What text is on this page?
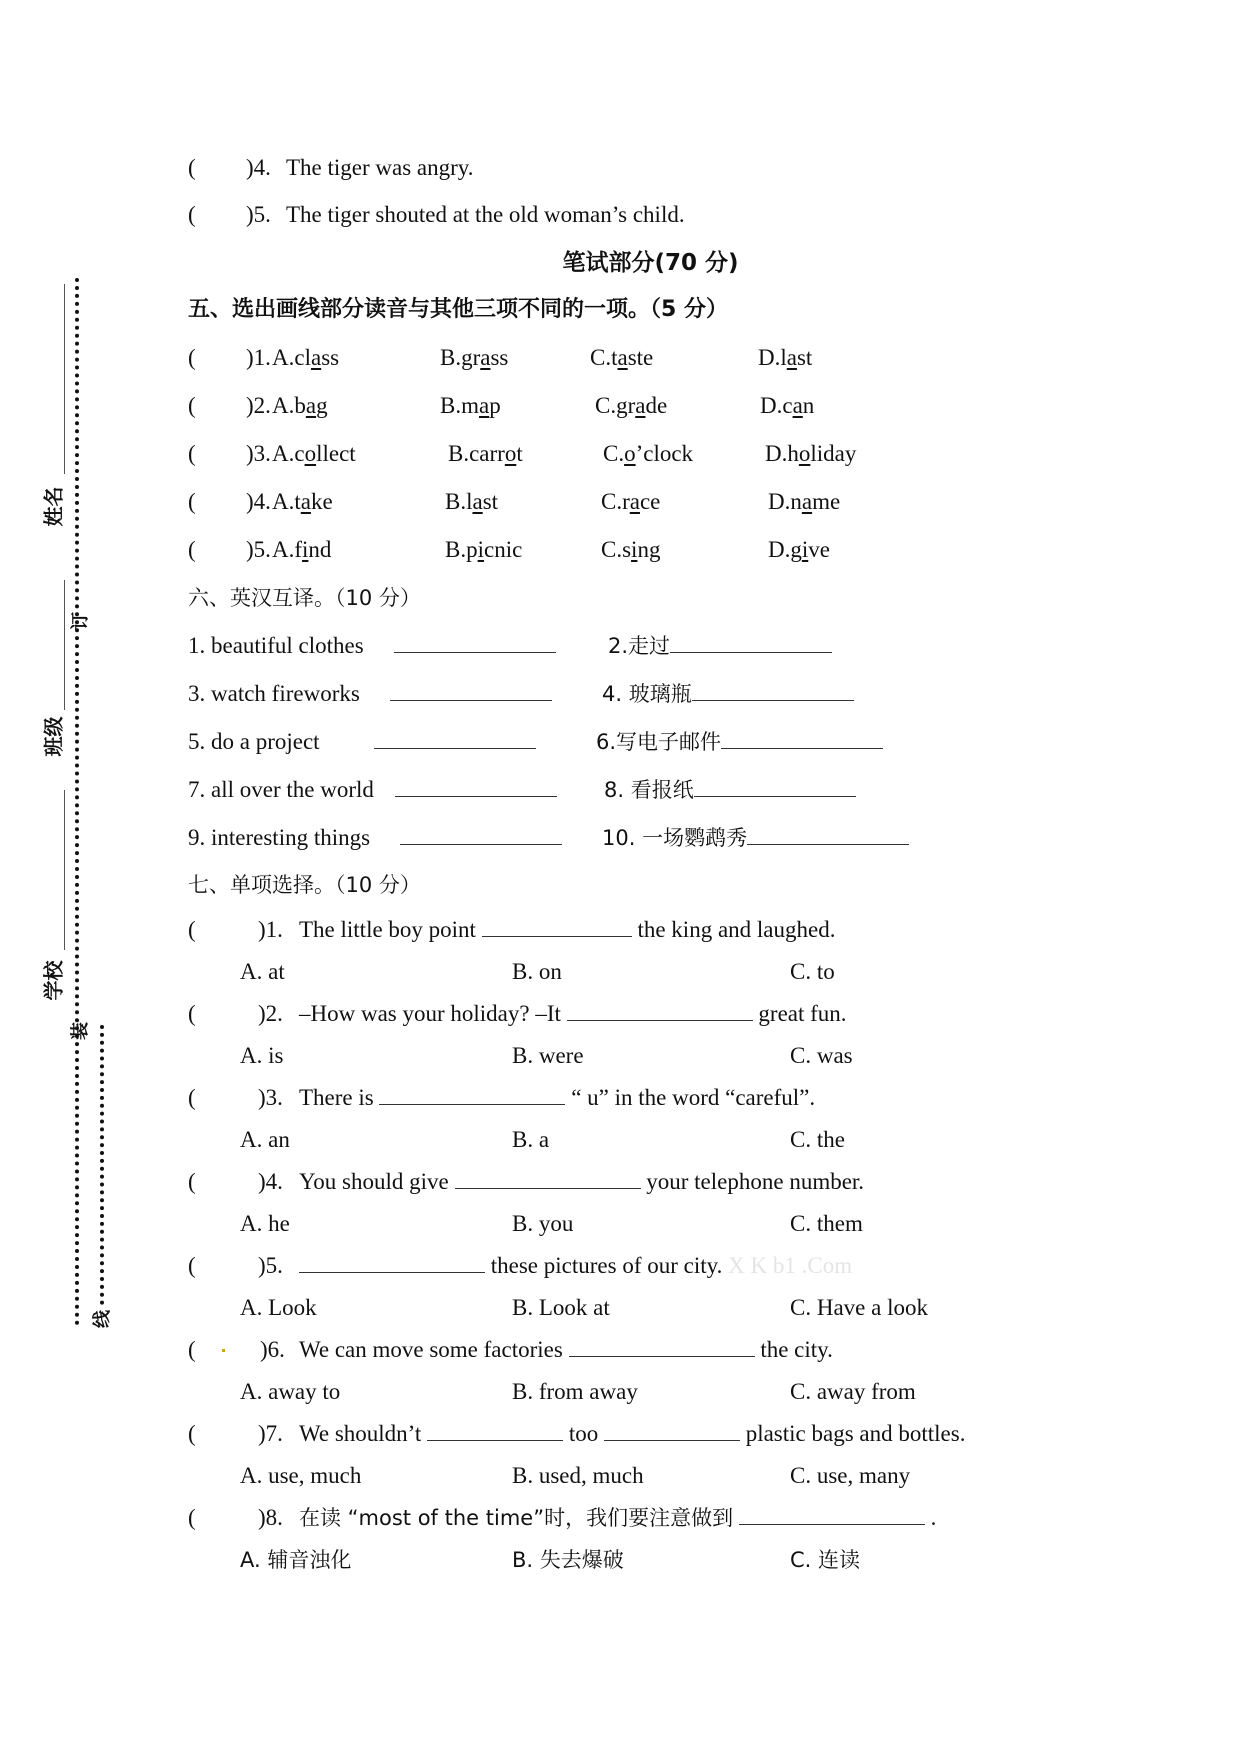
姓名
订
班级
学校
装
线
( )4. The tiger was angry.
( )5. The tiger shouted at the old woman’s child.
笔试部分(70 分)
五、选出画线部分读音与其他三项不同的一项。（5 分）
( )1. A.class	B.grass	C.taste	D.last
( )2. A.bag	B.map	C.grade	D.can
( )3. A.collect	B.carrot	C.o’clock	D.holiday
( )4. A.take	B.last	C.race	D.name
( )5. A.find	B.picnic	C.sing	D.give
六、英汉互译。（10 分）
1. beautiful clothes	2.走过
3. watch fireworks	4. 玻璃瓶
5. do a project	6.写电子邮件
7. all over the world	8. 看报纸
9. interesting things	10. 一场鹦鹉秀
七、单项选择。（10 分）
(	)1. The little boy point	the king and laughed.
A. at	B. on	C. to
(	)2. –How was your holiday? –It	great fun.
A. is	B. were	C. was
(	)3. There is	“ u” in the word “careful”.
A. an	B. a	C. the
(	)4. You should give	your telephone number.
A. he	B. you	C. them
(	)5.	these pictures of our city. X K b1 .Com
A. Look	B. Look at	C. Have a look
(	)6. We can move some factories	the city.
A. away to	B. from away	C. away from
(	)7. We shouldn’t	too	plastic bags and bottles.
A. use, much	B. used, much	C. use, many
(	)8. 在读 “most of the time”时，我们要注意做到	.
A. 辅音浊化	B. 失去爆破	C. 连读
